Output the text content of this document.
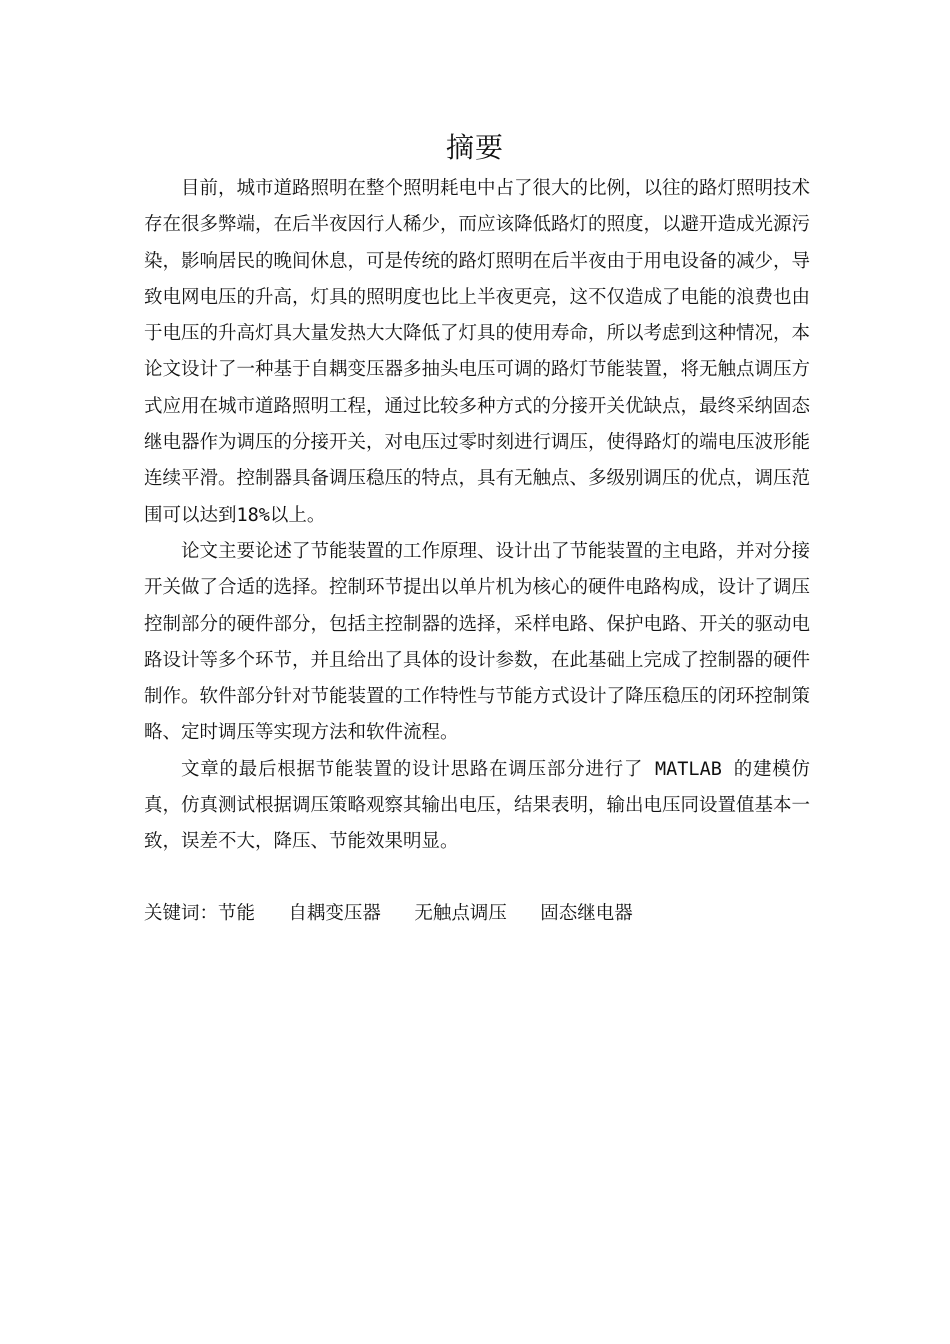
摘要

目前，城市道路照明在整个照明耗电中占了很大的比例，以往的路灯照明技术存在很多弊端，在后半夜因行人稀少，而应该降低路灯的照度，以避开造成光源污染，影响居民的晚间休息，可是传统的路灯照明在后半夜由于用电设备的减少，导致电网电压的升高，灯具的照明度也比上半夜更亮，这不仅造成了电能的浪费也由于电压的升高灯具大量发热大大降低了灯具的使用寿命，所以考虑到这种情况，本论文设计了一种基于自耦变压器多抽头电压可调的路灯节能装置，将无触点调压方式应用在城市道路照明工程，通过比较多种方式的分接开关优缺点，最终采纳固态继电器作为调压的分接开关，对电压过零时刻进行调压，使得路灯的端电压波形能连续平滑。控制器具备调压稳压的特点，具有无触点、多级别调压的优点，调压范围可以达到18%以上。

论文主要论述了节能装置的工作原理、设计出了节能装置的主电路，并对分接开关做了合适的选择。控制环节提出以单片机为核心的硬件电路构成，设计了调压控制部分的硬件部分，包括主控制器的选择，采样电路、保护电路、开关的驱动电路设计等多个环节，并且给出了具体的设计参数，在此基础上完成了控制器的硬件制作。软件部分针对节能装置的工作特性与节能方式设计了降压稳压的闭环控制策略、定时调压等实现方法和软件流程。

文章的最后根据节能装置的设计思路在调压部分进行了 MATLAB 的建模仿真，仿真测试根据调压策略观察其输出电压，结果表明，输出电压同设置值基本一致，误差不大，降压、节能效果明显。

关键词：节能   自耦变压器   无触点调压   固态继电器
